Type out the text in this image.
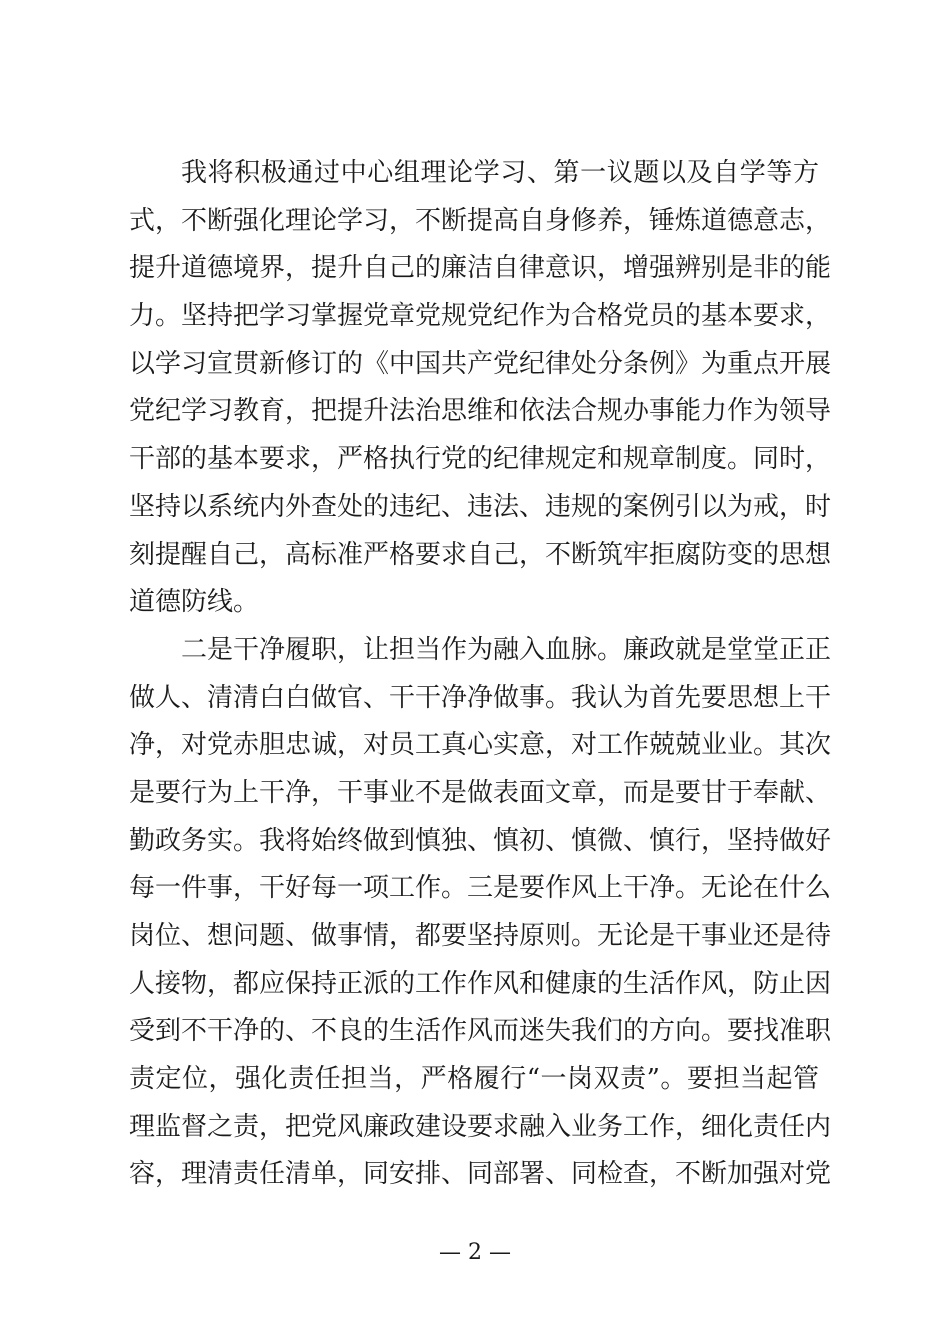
我将积极通过中心组理论学习、第一议题以及自学等方
式，不断强化理论学习，不断提高自身修养，锤炼道德意志，
提升道德境界，提升自己的廉洁自律意识，增强辨别是非的能
力。坚持把学习掌握党章党规党纪作为合格党员的基本要求，
以学习宣贯新修订的《中国共产党纪律处分条例》为重点开展
党纪学习教育，把提升法治思维和依法合规办事能力作为领导
干部的基本要求，严格执行党的纪律规定和规章制度。同时，
坚持以系统内外查处的违纪、违法、违规的案例引以为戒，时
刻提醒自己，高标准严格要求自己，不断筑牢拒腐防变的思想
道德防线。
二是干净履职，让担当作为融入血脉。廉政就是堂堂正正
做人、清清白白做官、干干净净做事。我认为首先要思想上干
净，对党赤胆忠诚，对员工真心实意，对工作兢兢业业。其次
是要行为上干净，干事业不是做表面文章，而是要甘于奉献、
勤政务实。我将始终做到慎独、慎初、慎微、慎行，坚持做好
每一件事，干好每一项工作。三是要作风上干净。无论在什么
岗位、想问题、做事情，都要坚持原则。无论是干事业还是待
人接物，都应保持正派的工作作风和健康的生活作风，防止因
受到不干净的、不良的生活作风而迷失我们的方向。要找准职
责定位，强化责任担当，严格履行“一岗双责”。要担当起管
理监督之责，把党风廉政建设要求融入业务工作，细化责任内
容，理清责任清单，同安排、同部署、同检查，不断加强对党
— 2 —
